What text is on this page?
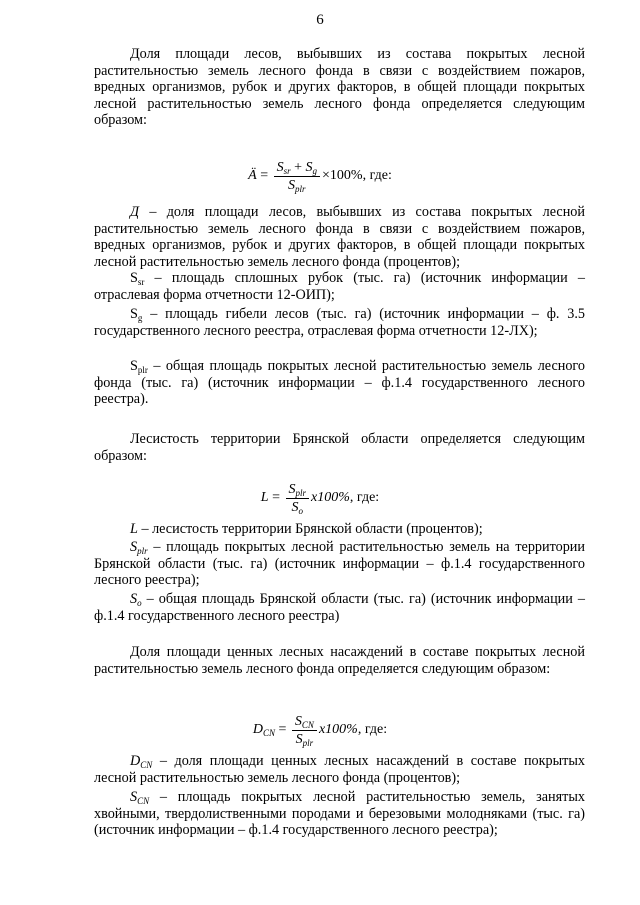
6

Доля площади лесов, выбывших из состава покрытых лесной растительностью земель лесного фонда в связи с воздействием пожаров, вредных организмов, рубок и других факторов, в общей площади покрытых лесной растительностью земель лесного фонда определяется следующим образом:

Ä = $\frac{S_{sr} + S_g}{S_{plr}} \times 100\%$, где:

Д – доля площади лесов, выбывших из состава покрытых лесной растительностью земель лесного фонда в связи с воздействием пожаров, вредных организмов, рубок и других факторов, в общей площади покрытых лесной растительностью земель лесного фонда (процентов);

$S_{sr}$ – площадь сплошных рубок (тыс. га) (источник информации – отраслевая форма отчетности 12-ОИП);

$S_g$ – площадь гибели лесов (тыс. га) (источник информации – ф. 3.5 государственного лесного реестра, отраслевая форма отчетности 12-ЛХ);

$S_{plr}$ – общая площадь покрытых лесной растительностью земель лесного фонда (тыс. га) (источник информации – ф.1.4 государственного лесного реестра).

Лесистость территории Брянской области определяется следующим образом:

$L = \frac{S_{plr}}{S_o} х100\%$ , где:

L – лесистость территории Брянской области (процентов);

$S_{plr}$ – площадь покрытых лесной растительностью земель на территории Брянской области (тыс. га) (источник информации – ф.1.4 государственного лесного реестра);

$S_o$ – общая площадь Брянской области (тыс. га) (источник информации – ф.1.4 государственного лесного реестра)

Доля площади ценных лесных насаждений в составе покрытых лесной растительностью земель лесного фонда определяется следующим образом:

$D_{CN} = \frac{S_{CN}}{S_{plr}} х100\%$ , где:

$D_{CN}$ – доля площади ценных лесных насаждений в составе покрытых лесной растительностью земель лесного фонда (процентов);

$S_{CN}$ – площадь покрытых лесной растительностью земель, занятых хвойными, твердолиственными породами и березовыми молодняками (тыс. га) (источник информации – ф.1.4 государственного лесного реестра);
